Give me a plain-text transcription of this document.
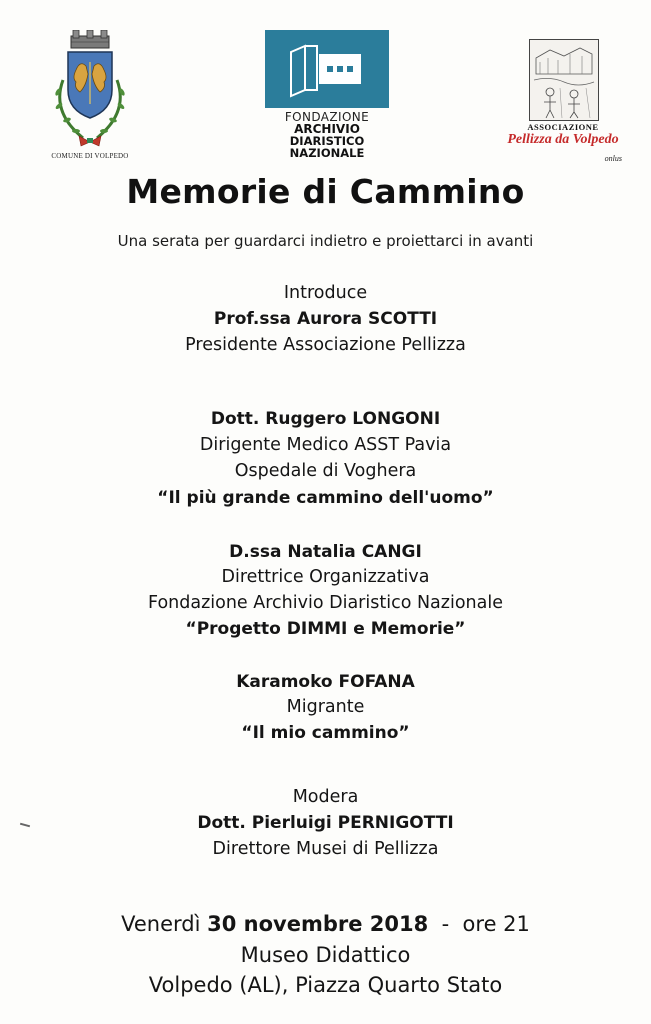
COMUNE DI VOLPEDO
FONDAZIONE
ARCHIVIO
DIARISTICO
NAZIONALE
ASSOCIAZIONE
Pellizza da Volpedo
onlus
Memorie di Cammino
Una serata per guardarci indietro e proiettarci in avanti
Introduce
Prof.ssa Aurora SCOTTI
Presidente Associazione Pellizza
Dott. Ruggero LONGONI
Dirigente Medico ASST Pavia
Ospedale di Voghera
“Il più grande cammino dell'uomo”
D.ssa Natalia CANGI
Direttrice Organizzativa
Fondazione Archivio Diaristico Nazionale
“Progetto DIMMI e Memorie”
Karamoko FOFANA
Migrante
“Il mio cammino”
Modera
Dott. Pierluigi PERNIGOTTI
Direttore Musei di Pellizza
Venerdì 30 novembre 2018 - ore 21
Museo Didattico
Volpedo (AL), Piazza Quarto Stato
